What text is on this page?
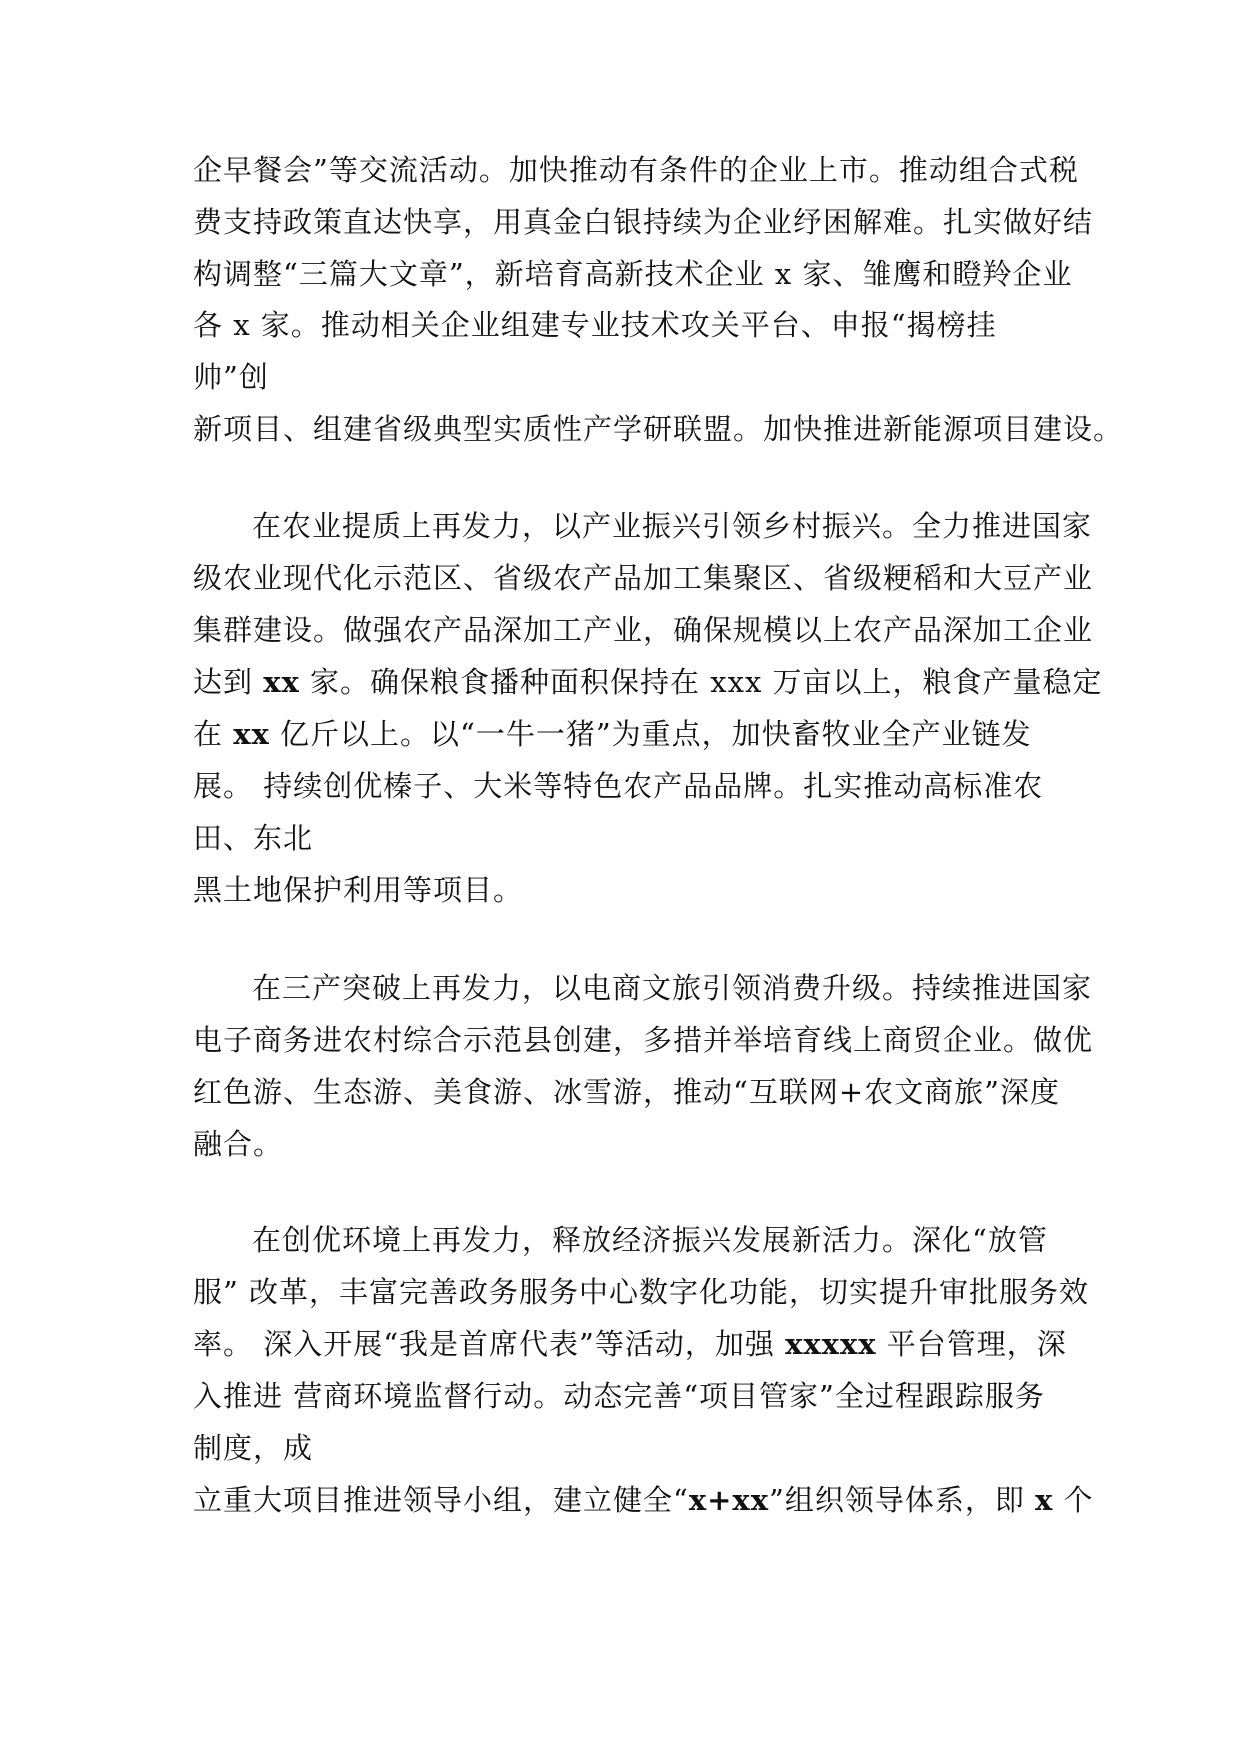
企早餐会”等交流活动。加快推动有条件的企业上市。推动组合式税
费支持政策直达快享，用真金白银持续为企业纾困解难。扎实做好结
构调整“三篇大文章”，新培育高新技术企业 x 家、雏鹰和瞪羚企业
各 x 家。推动相关企业组建专业技术攻关平台、申报“揭榜挂
帅”创
新项目、组建省级典型实质性产学研联盟。加快推进新能源项目建设。
在农业提质上再发力，以产业振兴引领乡村振兴。全力推进国家
级农业现代化示范区、省级农产品加工集聚区、省级粳稻和大豆产业
集群建设。做强农产品深加工产业，确保规模以上农产品深加工企业
达到 xx 家。确保粮食播种面积保持在 xxx 万亩以上，粮食产量稳定
在 xx 亿斤以上。以“一牛一猪”为重点，加快畜牧业全产业链发
展。 持续创优榛子、大米等特色农产品品牌。扎实推动高标准农
田、东北
黑土地保护利用等项目。
在三产突破上再发力，以电商文旅引领消费升级。持续推进国家
电子商务进农村综合示范县创建，多措并举培育线上商贸企业。做优
红色游、生态游、美食游、冰雪游，推动“互联网+农文商旅”深度
融合。
在创优环境上再发力，释放经济振兴发展新活力。深化“放管
服” 改革，丰富完善政务服务中心数字化功能，切实提升审批服务效
率。 深入开展“我是首席代表”等活动，加强 xxxxx 平台管理，深
入推进 营商环境监督行动。动态完善“项目管家”全过程跟踪服务
制度，成
立重大项目推进领导小组，建立健全“x+xx”组织领导体系，即 x 个
